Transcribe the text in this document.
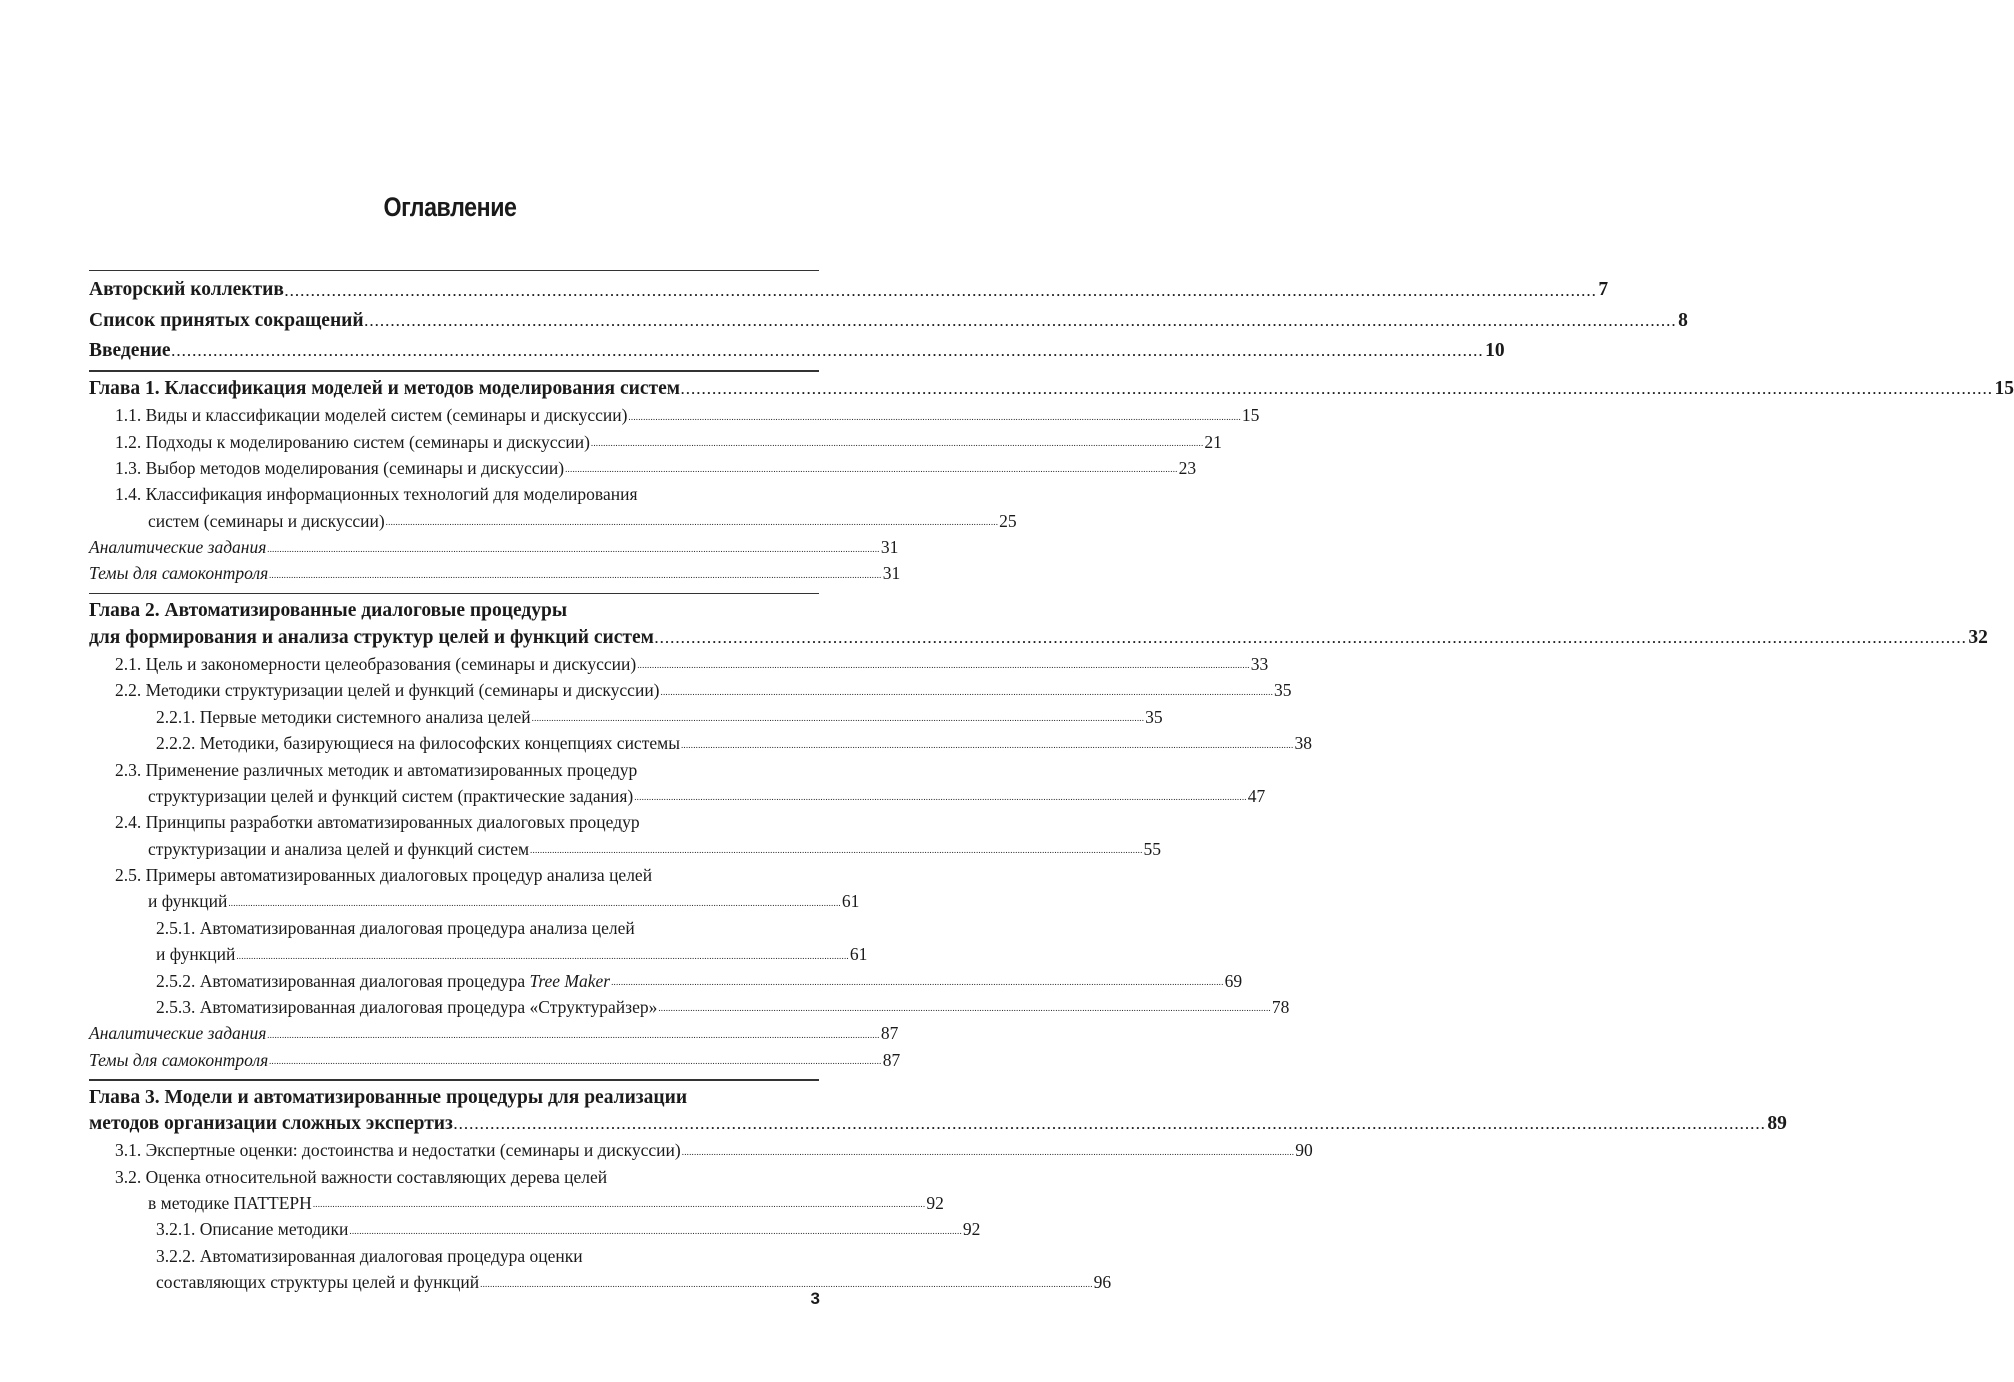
Оглавление
Авторский коллектив .......................................................................................................................................................................................................................................................... 7
Список принятых сокращений .......................................................................................................................................................................................................................................................... 8
Введение .......................................................................................................................................................................................................................................................... 10
Глава 1. Классификация моделей и методов моделирования систем .......................................................................................................................................................................................................................................................... 15
1.1. Виды и классификации моделей систем (семинары и дискуссии) .......................................................................................................................................................................................................................................................... 15
1.2. Подходы к моделированию систем (семинары и дискуссии) .......................................................................................................................................................................................................................................................... 21
1.3. Выбор методов моделирования (семинары и дискуссии) .......................................................................................................................................................................................................................................................... 23
1.4. Классификация информационных технологий для моделирования
систем (семинары и дискуссии) .......................................................................................................................................................................................................................................................... 25
Аналитические задания .......................................................................................................................................................................................................................................................... 31
Темы для самоконтроля .......................................................................................................................................................................................................................................................... 31
Глава 2. Автоматизированные диалоговые процедуры
для формирования и анализа структур целей и функций систем .......................................................................................................................................................................................................................................................... 32
2.1. Цель и закономерности целеобразования (семинары и дискуссии) .......................................................................................................................................................................................................................................................... 33
2.2. Методики структуризации целей и функций (семинары и дискуссии) .......................................................................................................................................................................................................................................................... 35
2.2.1. Первые методики системного анализа целей .......................................................................................................................................................................................................................................................... 35
2.2.2. Методики, базирующиеся на философских концепциях системы .......................................................................................................................................................................................................................................................... 38
2.3. Применение различных методик и автоматизированных процедур
структуризации целей и функций систем (практические задания) .......................................................................................................................................................................................................................................................... 47
2.4. Принципы разработки автоматизированных диалоговых процедур
структуризации и анализа целей и функций систем .......................................................................................................................................................................................................................................................... 55
2.5. Примеры автоматизированных диалоговых процедур анализа целей
и функций .......................................................................................................................................................................................................................................................... 61
2.5.1. Автоматизированная диалоговая процедура анализа целей
и функций .......................................................................................................................................................................................................................................................... 61
2.5.2. Автоматизированная диалоговая процедура Tree Maker .......................................................................................................................................................................................................................................................... 69
2.5.3. Автоматизированная диалоговая процедура «Структурайзер» .......................................................................................................................................................................................................................................................... 78
Аналитические задания .......................................................................................................................................................................................................................................................... 87
Темы для самоконтроля .......................................................................................................................................................................................................................................................... 87
Глава 3. Модели и автоматизированные процедуры для реализации
методов организации сложных экспертиз .......................................................................................................................................................................................................................................................... 89
3.1. Экспертные оценки: достоинства и недостатки (семинары и дискуссии) .......................................................................................................................................................................................................................................................... 90
3.2. Оценка относительной важности составляющих дерева целей
в методике ПАТТЕРН .......................................................................................................................................................................................................................................................... 92
3.2.1. Описание методики .......................................................................................................................................................................................................................................................... 92
3.2.2. Автоматизированная диалоговая процедура оценки
составляющих структуры целей и функций .......................................................................................................................................................................................................................................................... 96
3
